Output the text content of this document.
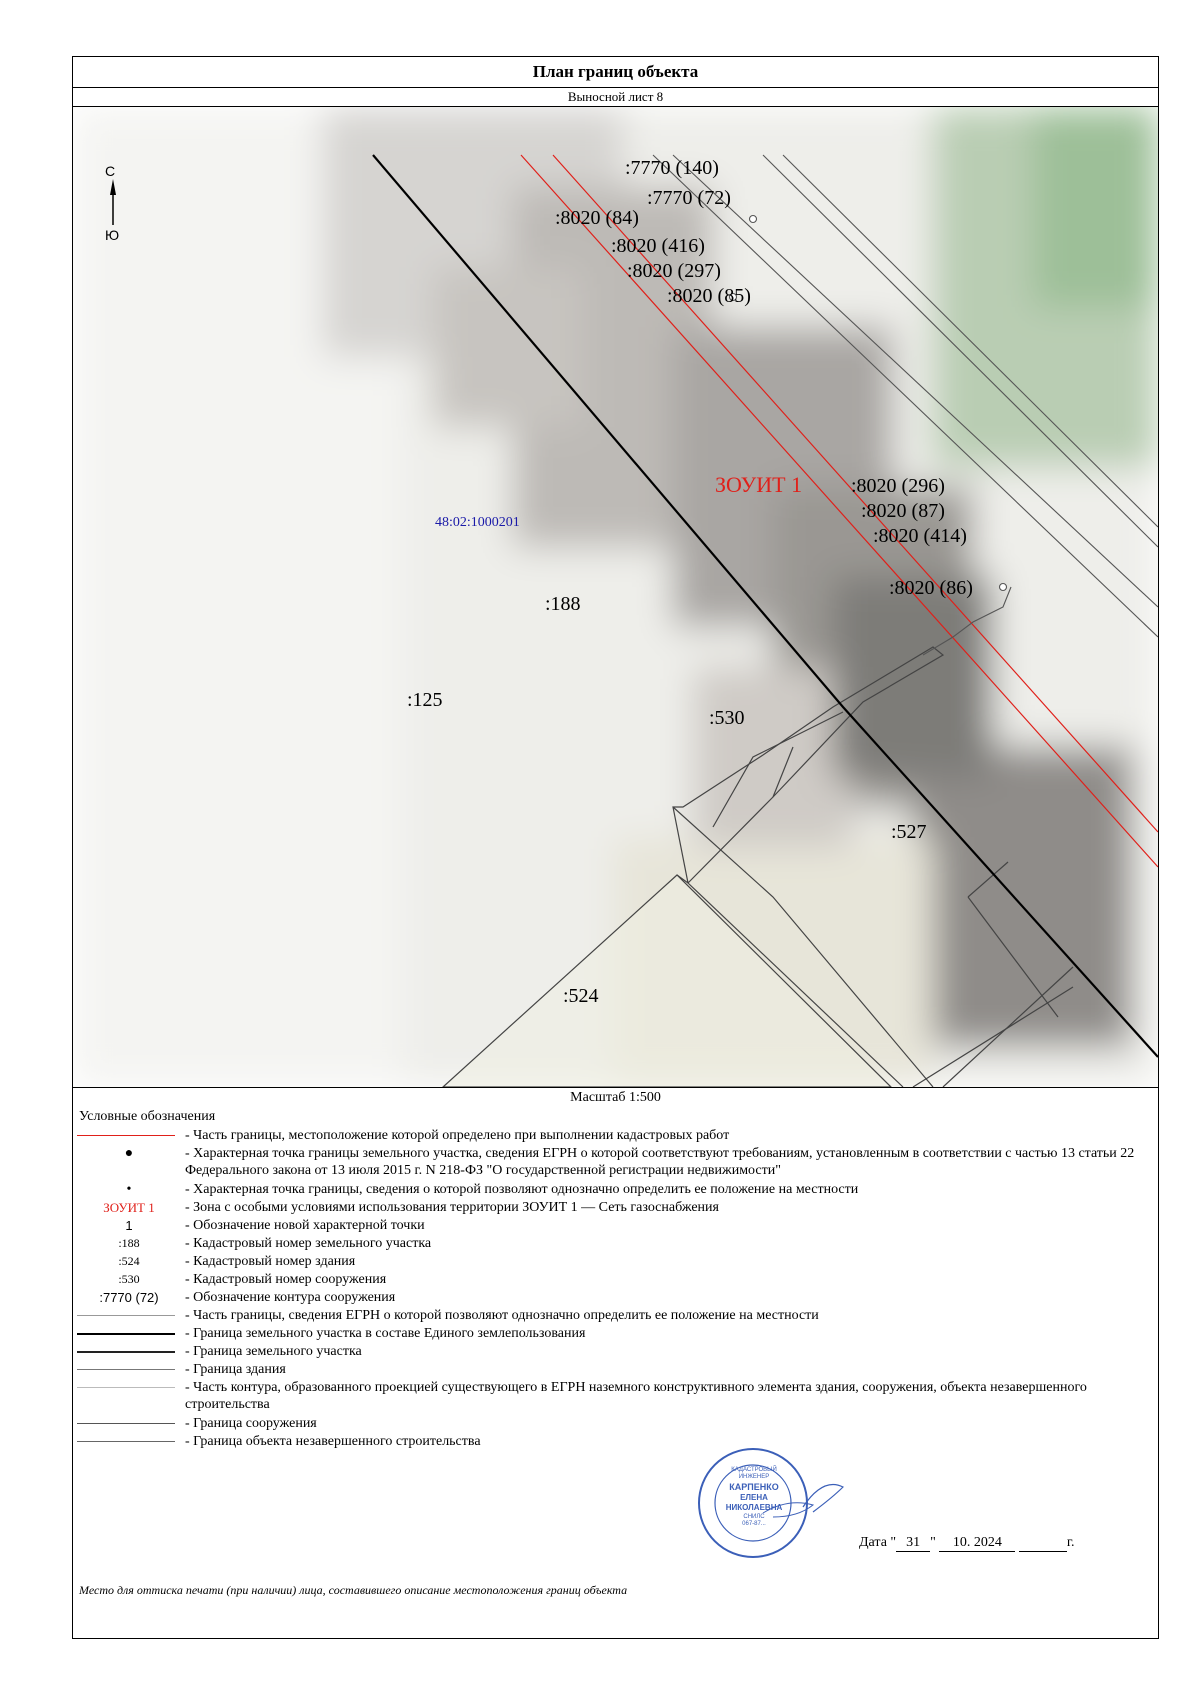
План границ объекта
Выносной лист 8
С
Ю
48:02:1000201
ЗОУИТ 1
:188
:125
:530
:527
:524
:7770 (140)
:7770 (72)
:8020 (84)
:8020 (416)
:8020 (297)
:8020 (85)
:8020 (296)
:8020 (87)
:8020 (414)
:8020 (86)
Масштаб 1:500
Условные обозначения
- Часть границы, местоположение которой определено при выполнении кадастровых работ
●	- Характерная точка границы земельного участка, сведения ЕГРН о которой соответствуют требованиям, установленным в соответствии с частью 13 статьи 22 Федерального закона от 13 июля 2015 г. N 218-ФЗ "О государственной регистрации недвижимости"
•	- Характерная точка границы, сведения о которой позволяют однозначно определить ее положение на местности
ЗОУИТ 1	- Зона с особыми условиями использования территории ЗОУИТ 1 — Сеть газоснабжения
1	- Обозначение новой характерной точки
:188	- Кадастровый номер земельного участка
:524	- Кадастровый номер здания
:530	- Кадастровый номер сооружения
:7770 (72)	- Обозначение контура сооружения
- Часть границы, сведения ЕГРН о которой позволяют однозначно определить ее положение на местности
- Граница земельного участка в составе Единого землепользования
- Граница земельного участка
- Граница здания
- Часть контура, образованного проекцией существующего в ЕГРН наземного конструктивного элемента здания, сооружения, объекта незавершенного строительства
- Граница сооружения
- Граница объекта незавершенного строительства
КАДАСТРОВЫЙ
ИНЖЕНЕР
КАРПЕНКО
ЕЛЕНА
НИКОЛАЕВНА
СНИЛС
067-87...
Дата " 31 " 10. 2024	г.
Место для оттиска печати (при наличии) лица, составившего описание местоположения границ объекта
